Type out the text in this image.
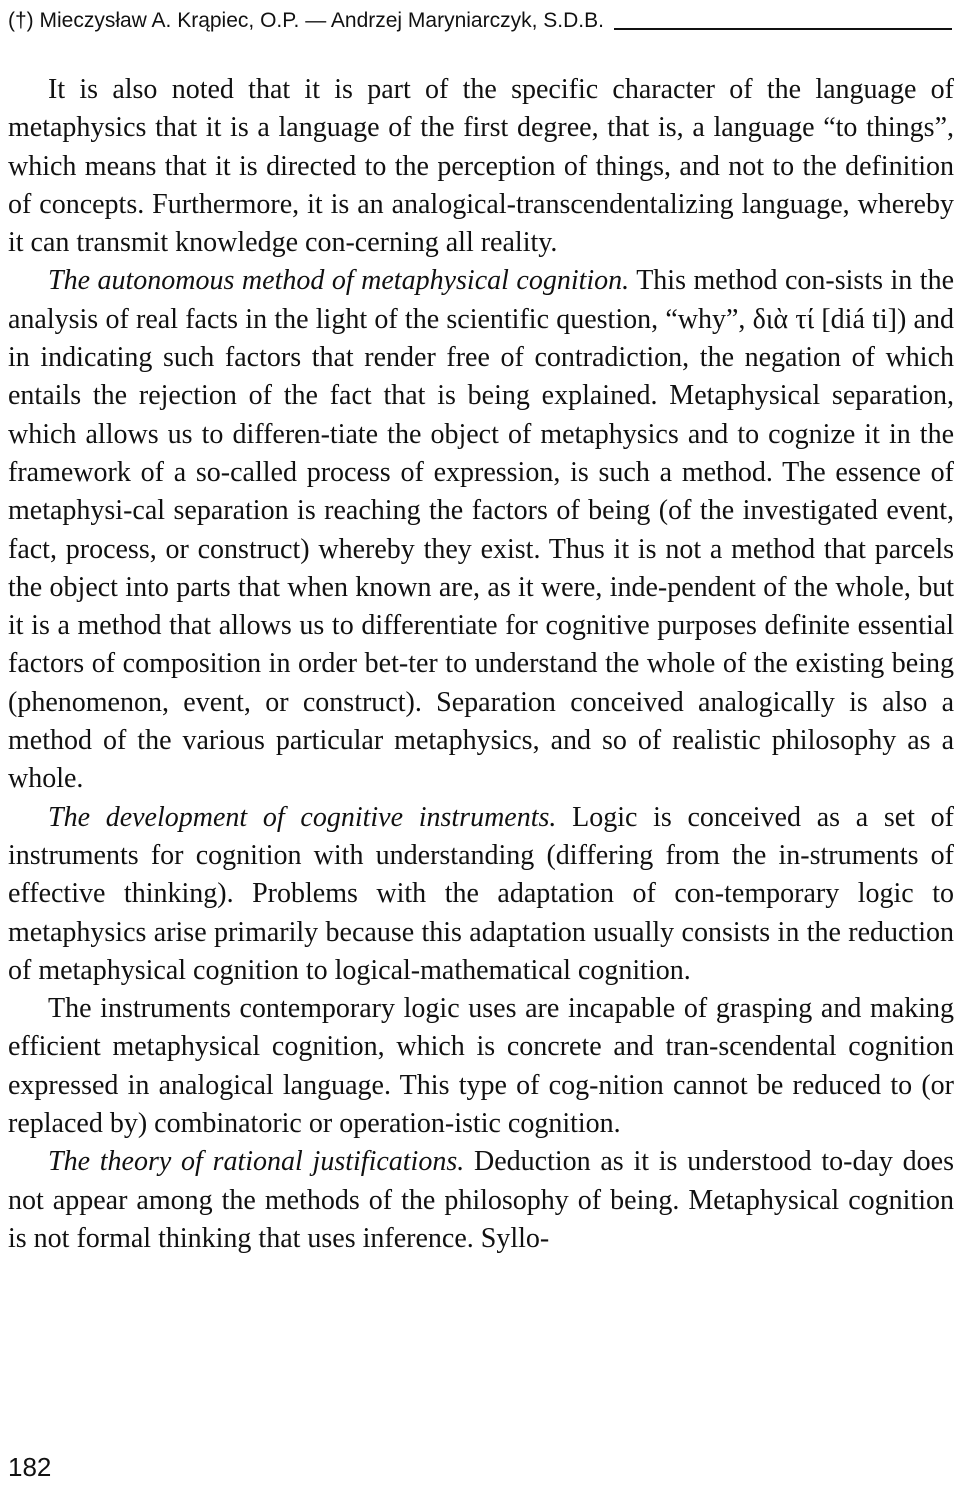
(†) Mieczysław A. Krąpiec, O.P. — Andrzej Maryniarczyk, S.D.B.

It is also noted that it is part of the specific character of the language of metaphysics that it is a language of the first degree, that is, a language “to things”, which means that it is directed to the perception of things, and not to the definition of concepts. Furthermore, it is an analogical-transcendentalizing language, whereby it can transmit knowledge con-cerning all reality.

The autonomous method of metaphysical cognition. This method con-sists in the analysis of real facts in the light of the scientific question, “why”, διὰ τί [diá ti]) and in indicating such factors that render free of contradiction, the negation of which entails the rejection of the fact that is being explained. Metaphysical separation, which allows us to differen-tiate the object of metaphysics and to cognize it in the framework of a so-called process of expression, is such a method. The essence of metaphysi-cal separation is reaching the factors of being (of the investigated event, fact, process, or construct) whereby they exist. Thus it is not a method that parcels the object into parts that when known are, as it were, inde-pendent of the whole, but it is a method that allows us to differentiate for cognitive purposes definite essential factors of composition in order bet-ter to understand the whole of the existing being (phenomenon, event, or construct). Separation conceived analogically is also a method of the various particular metaphysics, and so of realistic philosophy as a whole.

The development of cognitive instruments. Logic is conceived as a set of instruments for cognition with understanding (differing from the in-struments of effective thinking). Problems with the adaptation of con-temporary logic to metaphysics arise primarily because this adaptation usually consists in the reduction of metaphysical cognition to logical-mathematical cognition.

The instruments contemporary logic uses are incapable of grasping and making efficient metaphysical cognition, which is concrete and tran-scendental cognition expressed in analogical language. This type of cog-nition cannot be reduced to (or replaced by) combinatoric or operation-istic cognition.

The theory of rational justifications. Deduction as it is understood to-day does not appear among the methods of the philosophy of being. Metaphysical cognition is not formal thinking that uses inference. Syllo-

182
